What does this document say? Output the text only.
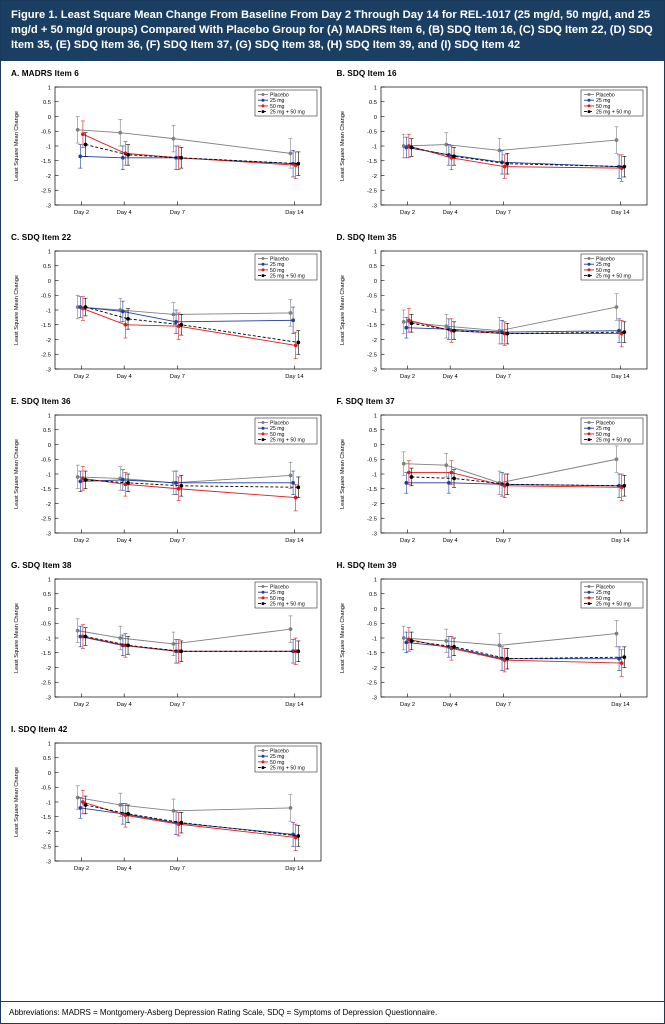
Figure 1. Least Square Mean Change From Baseline From Day 2 Through Day 14 for REL-1017 (25 mg/d, 50 mg/d, and 25 mg/d + 50 mg/d groups) Compared With Placebo Group for (A) MADRS Item 6, (B) SDQ Item 16, (C) SDQ Item 22, (D) SDQ Item 35, (E) SDQ Item 36, (F) SDQ Item 37, (G) SDQ Item 38, (H) SDQ Item 39, and (I) SDQ Item 42
A. MADRS Item 6
1
0.5
0
-0.5
-1
-1.5
-2
-2.5
-3
Day 2	Day 4	Day 7	Day 14
Least Square Mean Change
Placebo
25 mg
50 mg
25 mg + 50 mg
B. SDQ Item 16
1
0.5
0
-0.5
-1
-1.5
-2
-2.5
-3
Day 2	Day 4	Day 7	Day 14
Least Square Mean Change
Placebo
25 mg
50 mg
25 mg + 50 mg
C. SDQ Item 22
1
0.5
0
-0.5
-1
-1.5
-2
-2.5
-3
Day 2	Day 4	Day 7	Day 14
Least Square Mean Change
Placebo
25 mg
50 mg
25 mg + 50 mg
D. SDQ Item 35
1
0.5
0
-0.5
-1
-1.5
-2
-2.5
-3
Day 2	Day 4	Day 7	Day 14
Least Square Mean Change
Placebo
25 mg
50 mg
25 mg + 50 mg
E. SDQ Item 36
1
0.5
0
-0.5
-1
-1.5
-2
-2.5
-3
Day 2	Day 4	Day 7	Day 14
Least Square Mean Change
Placebo
25 mg
50 mg
25 mg + 50 mg
F. SDQ Item 37
1
0.5
0
-0.5
-1
-1.5
-2
-2.5
-3
Day 2	Day 4	Day 7	Day 14
Least Square Mean Change
Placebo
25 mg
50 mg
25 mg + 50 mg
G. SDQ Item 38
1
0.5
0
-0.5
-1
-1.5
-2
-2.5
-3
Day 2	Day 4	Day 7	Day 14
Least Square Mean Change
Placebo
25 mg
50 mg
25 mg + 50 mg
H. SDQ Item 39
1
0.5
0
-0.5
-1
-1.5
-2
-2.5
-3
Day 2	Day 4	Day 7	Day 14
Least Square Mean Change
Placebo
25 mg
50 mg
25 mg + 50 mg
I. SDQ Item 42
1
0.5
0
-0.5
-1
-1.5
-2
-2.5
-3
Day 2	Day 4	Day 7	Day 14
Least Square Mean Change
Placebo
25 mg
50 mg
25 mg + 50 mg
Abbreviations: MADRS = Montgomery-Asberg Depression Rating Scale, SDQ = Symptoms of Depression Questionnaire.
